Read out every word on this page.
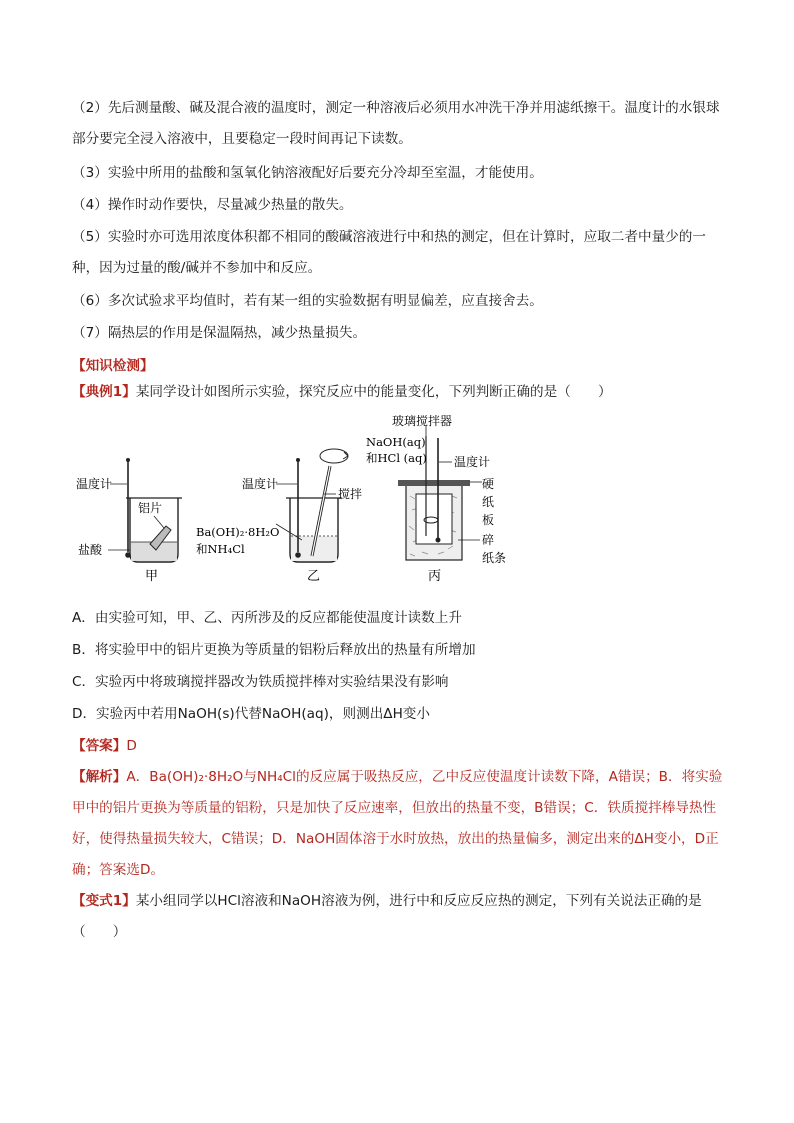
（2）先后测量酸、碱及混合液的温度时，测定一种溶液后必须用水冲洗干净并用滤纸擦干。温度计的水银球部分要完全浸入溶液中，且要稳定一段时间再记下读数。

（3）实验中所用的盐酸和氢氧化钠溶液配好后要充分冷却至室温，才能使用。

（4）操作时动作要快，尽量减少热量的散失。

（5）实验时亦可选用浓度体积都不相同的酸碱溶液进行中和热的测定，但在计算时，应取二者中量少的一种，因为过量的酸/碱并不参加中和反应。

（6）多次试验求平均值时，若有某一组的实验数据有明显偏差，应直接舍去。

（7）隔热层的作用是保温隔热，减少热量损失。

【知识检测】

【典例1】某同学设计如图所示实验，探究反应中的能量变化，下列判断正确的是（　　）

温度计
铝片
盐酸
甲
温度计
搅拌
Ba(OH)₂·8H₂O
和NH₄Cl
乙
玻璃搅拌器
NaOH(aq)
和HCl (aq) 温度计
硬
纸
板
碎
纸条
丙

A．由实验可知，甲、乙、丙所涉及的反应都能使温度计读数上升

B．将实验甲中的铝片更换为等质量的铝粉后释放出的热量有所增加

C．实验丙中将玻璃搅拌器改为铁质搅拌棒对实验结果没有影响

D．实验丙中若用NaOH(s)代替NaOH(aq)，则测出ΔH变小

【答案】D

【解析】A．Ba(OH)₂·8H₂O与NH₄Cl的反应属于吸热反应，乙中反应使温度计读数下降，A错误；B．将实验甲中的铝片更换为等质量的铝粉，只是加快了反应速率，但放出的热量不变，B错误；C．铁质搅拌棒导热性好，使得热量损失较大，C错误；D．NaOH固体溶于水时放热，放出的热量偏多，测定出来的ΔH变小，D正确；答案选D。

【变式1】某小组同学以HCl溶液和NaOH溶液为例，进行中和反应反应热的测定，下列有关说法正确的是（　　）
